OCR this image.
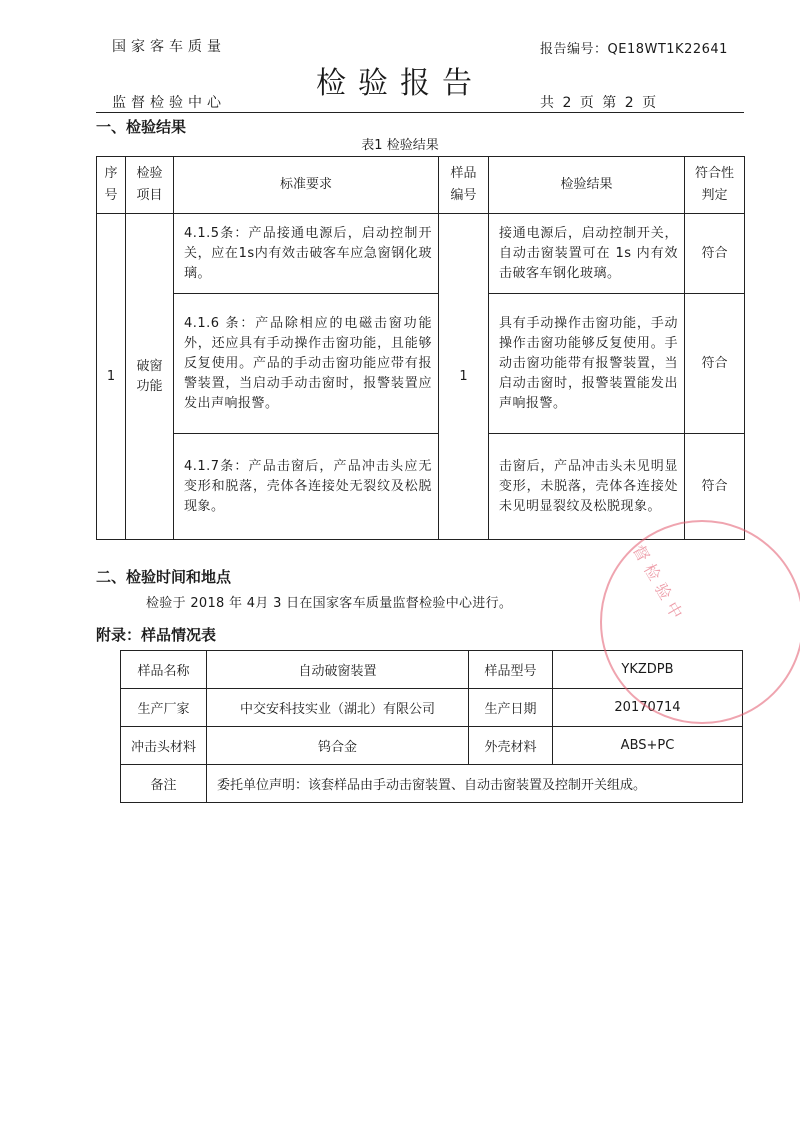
国家客车质量	报告编号：QE18WT1K22641
检验报告
监督检验中心	共 2 页 第 2 页
一、检验结果
表1 检验结果
序号	检验项目	标准要求	样品编号	检验结果	符合性判定

1	破窗功能	4.1.5条：产品接通电源后，启动控制开关，应在1s内有效击破客车应急窗钢化玻璃。	1	接通电源后，启动控制开关，自动击窗装置可在 1s 内有效击破客车钢化玻璃。	符合
		4.1.6 条：产品除相应的电磁击窗功能外，还应具有手动操作击窗功能，且能够反复使用。产品的手动击窗功能应带有报警装置，当启动手动击窗时，报警装置应发出声响报警。		具有手动操作击窗功能，手动操作击窗功能够反复使用。手动击窗功能带有报警装置，当启动击窗时，报警装置能发出声响报警。	符合
		4.1.7条：产品击窗后，产品冲击头应无变形和脱落，壳体各连接处无裂纹及松脱现象。		击窗后，产品冲击头未见明显变形，未脱落，壳体各连接处未见明显裂纹及松脱现象。	符合
二、检验时间和地点
检验于 2018 年 4月 3 日在国家客车质量监督检验中心进行。
附录：样品情况表
样品名称	自动破窗装置	样品型号	YKZDPB
生产厂家	中交安科技实业（湖北）有限公司	生产日期	20170714
冲击头材料	钨合金	外壳材料	ABS+PC
备注	委托单位声明：该套样品由手动击窗装置、自动击窗装置及控制开关组成。		
督检验中
